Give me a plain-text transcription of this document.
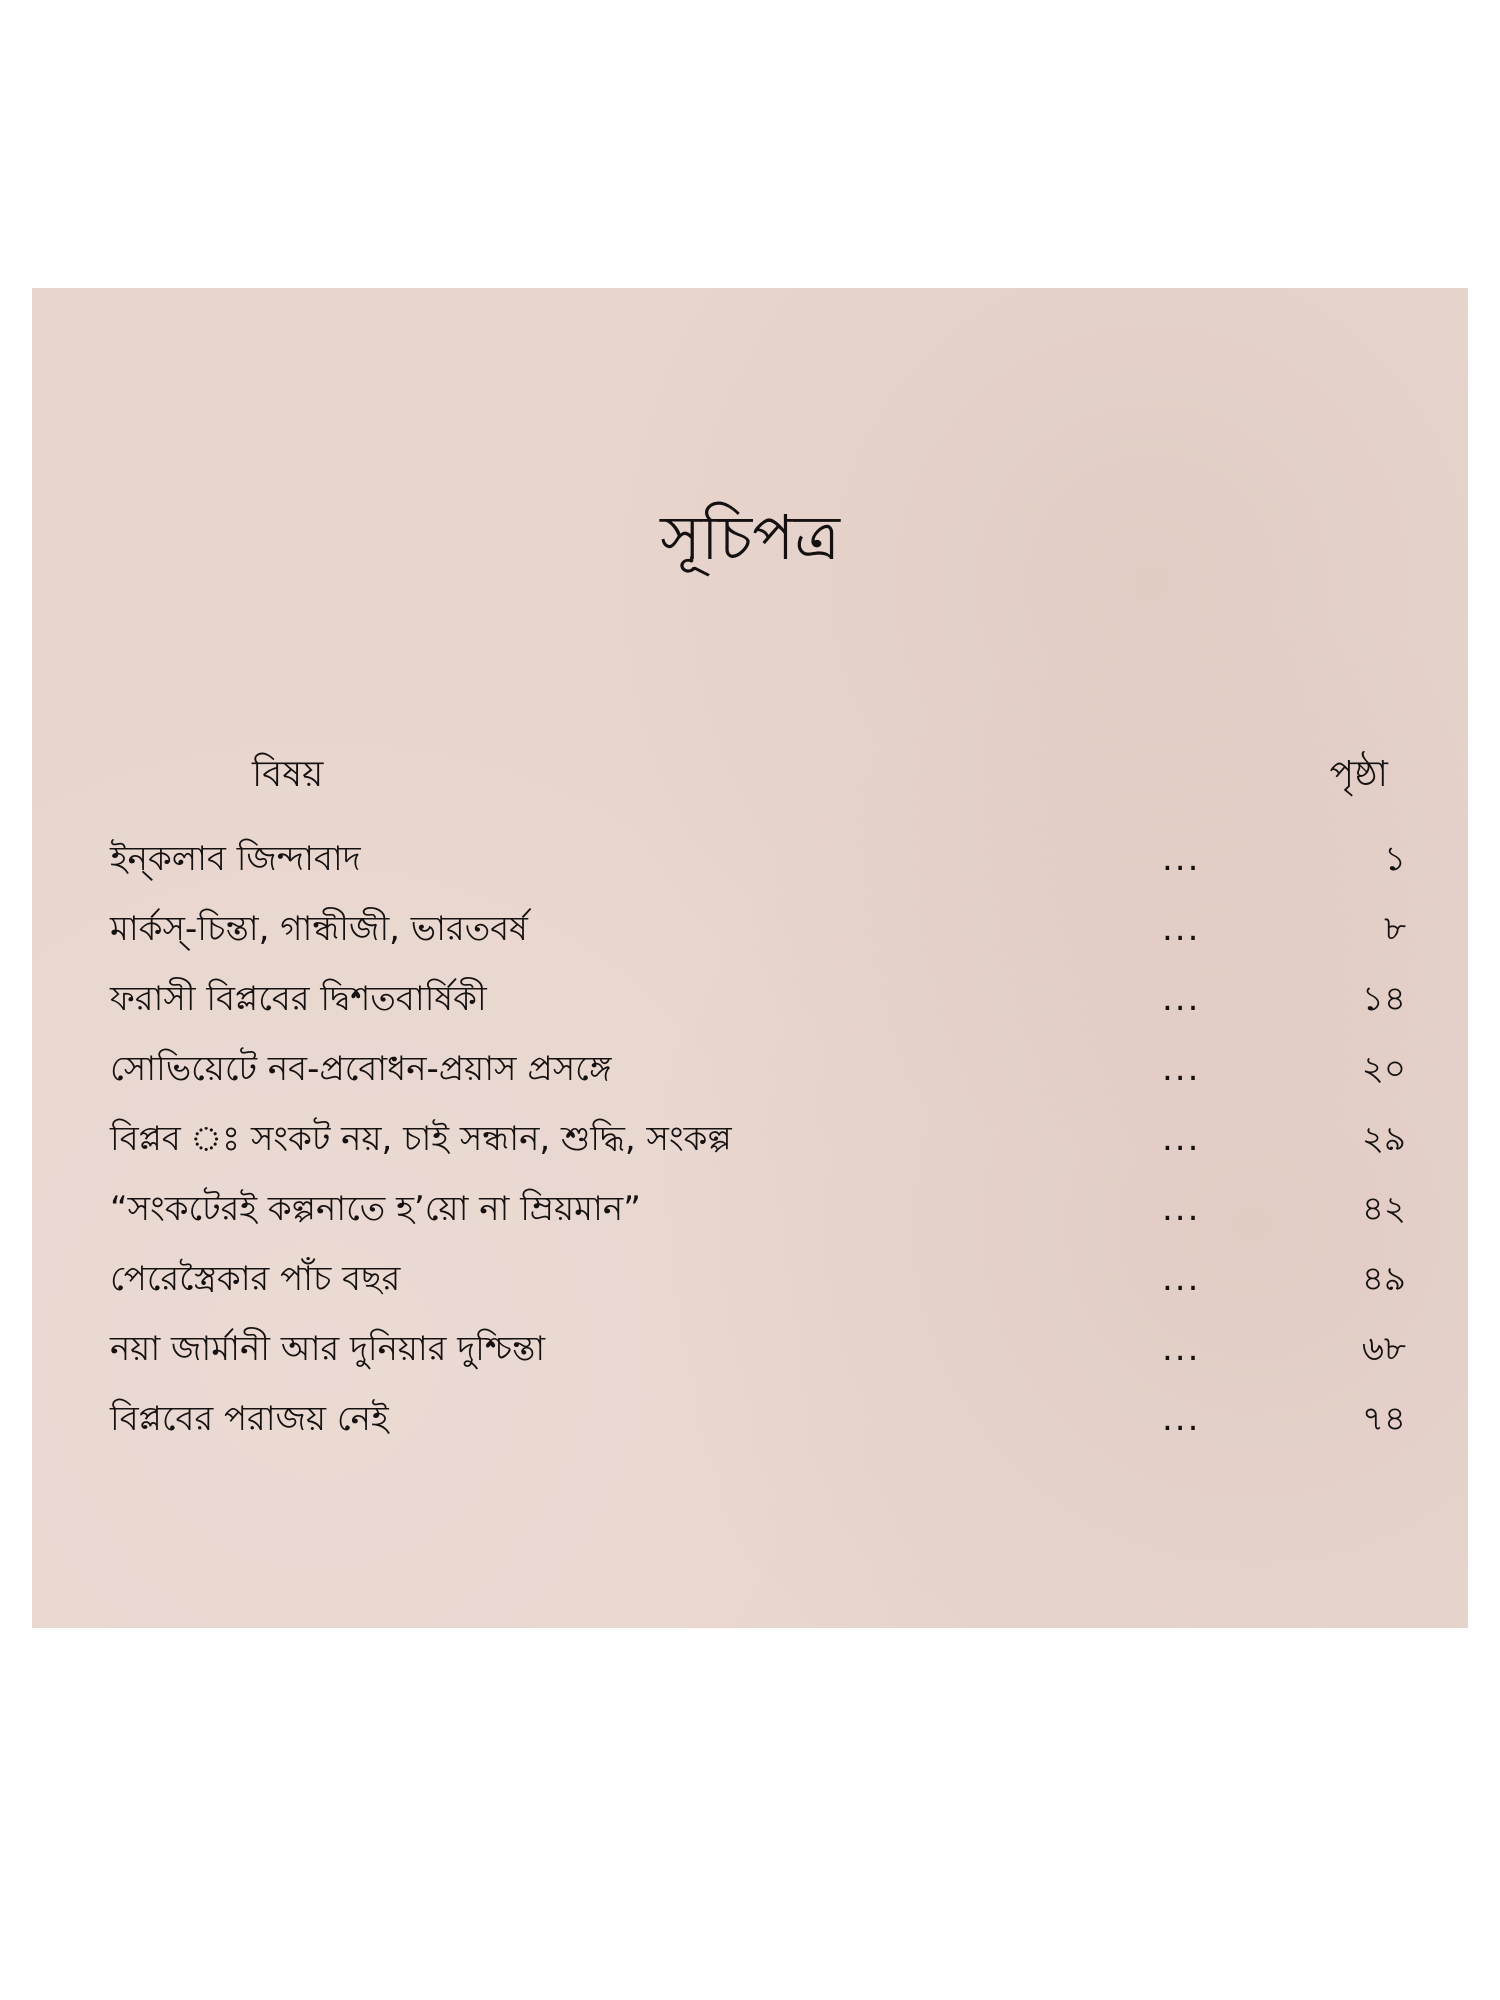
সূচিপত্র
বিষয়	পৃষ্ঠা
ইন্‌কলাব জিন্দাবাদ	...	১
মার্কস্-চিন্তা, গান্ধীজী, ভারতবর্ষ	...	৮
ফরাসী বিপ্লবের দ্বিশতবার্ষিকী	...	১৪
সোভিয়েটে নব-প্রবোধন-প্রয়াস প্রসঙ্গে	...	২০
বিপ্লব ঃ সংকট নয়, চাই সন্ধান, শুদ্ধি, সংকল্প	...	২৯
“সংকটেরই কল্পনাতে হ’য়ো না ম্রিয়মান”	...	৪২
পেরেস্ত্রৈকার পাঁচ বছর	...	৪৯
নয়া জার্মানী আর দুনিয়ার দুশ্চিন্তা	...	৬৮
বিপ্লবের পরাজয় নেই	...	৭৪
